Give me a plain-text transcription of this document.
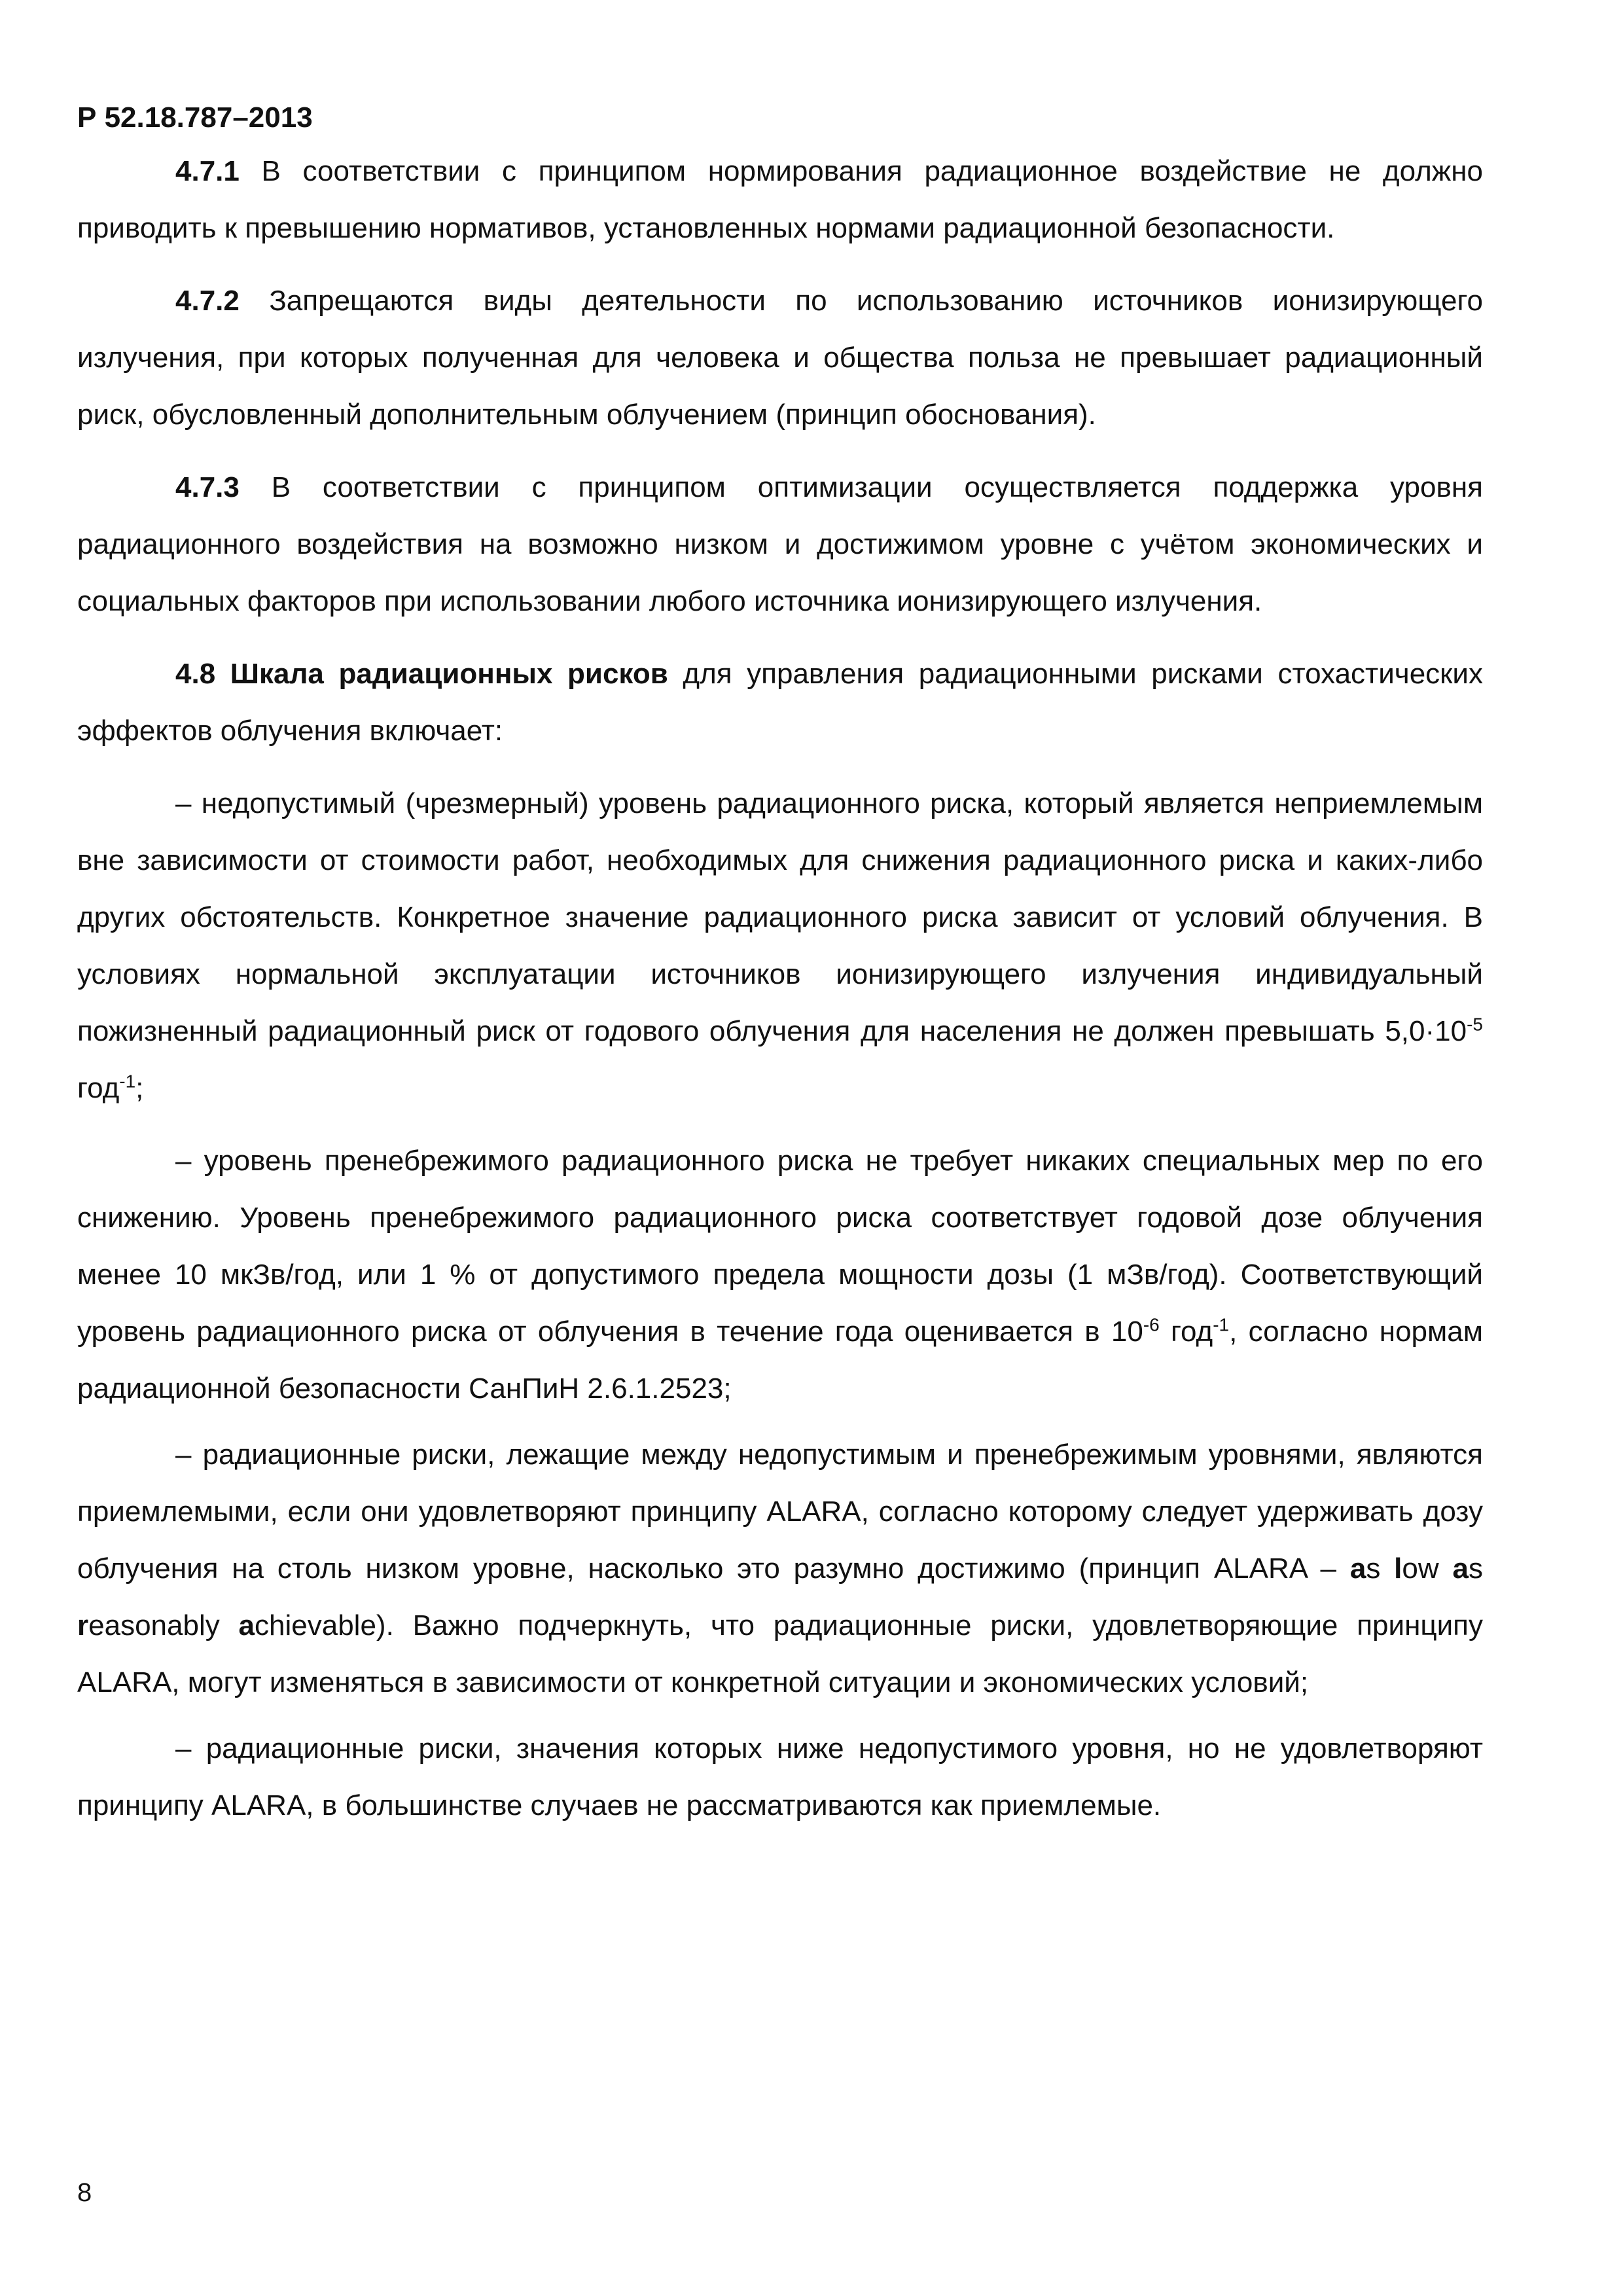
Р 52.18.787–2013

4.7.1 В соответствии с принципом нормирования радиационное воздействие не должно приводить к превышению нормативов, установленных нормами радиационной безопасности.

4.7.2 Запрещаются виды деятельности по использованию источников ионизирующего излучения, при которых полученная для человека и общества польза не превышает радиационный риск, обусловленный дополнительным облучением (принцип обоснования).

4.7.3 В соответствии с принципом оптимизации осуществляется поддержка уровня радиационного воздействия на возможно низком и достижимом уровне с учётом экономических и социальных факторов при использовании любого источника ионизирующего излучения.

4.8 Шкала радиационных рисков для управления радиационными рисками стохастических эффектов облучения включает:

– недопустимый (чрезмерный) уровень радиационного риска, который является неприемлемым вне зависимости от стоимости работ, необходимых для снижения радиационного риска и каких-либо других обстоятельств. Конкретное значение радиационного риска зависит от условий облучения. В условиях нормальной эксплуатации источников ионизирующего излучения индивидуальный пожизненный радиационный риск от годового облучения для населения не должен превышать $5,0\cdot 10^{-5}$ год$^{-1}$;

– уровень пренебрежимого радиационного риска не требует никаких специальных мер по его снижению. Уровень пренебрежимого радиационного риска соответствует годовой дозе облучения менее 10 мкЗв/год, или 1 % от допустимого предела мощности дозы (1 мЗв/год). Соответствующий уровень радиационного риска от облучения в течение года оценивается в $10^{-6}$ год$^{-1}$, согласно нормам радиационной безопасности СанПиН 2.6.1.2523;

– радиационные риски, лежащие между недопустимым и пренебрежимым уровнями, являются приемлемыми, если они удовлетворяют принципу ALARA, согласно которому следует удерживать дозу облучения на столь низком уровне, насколько это разумно достижимо (принцип ALARA – as low as reasonably achievable). Важно подчеркнуть, что радиационные риски, удовлетворяющие принципу ALARA, могут изменяться в зависимости от конкретной ситуации и экономических условий;

– радиационные риски, значения которых ниже недопустимого уровня, но не удовлетворяют принципу ALARA, в большинстве случаев не рассматриваются как приемлемые.

8
